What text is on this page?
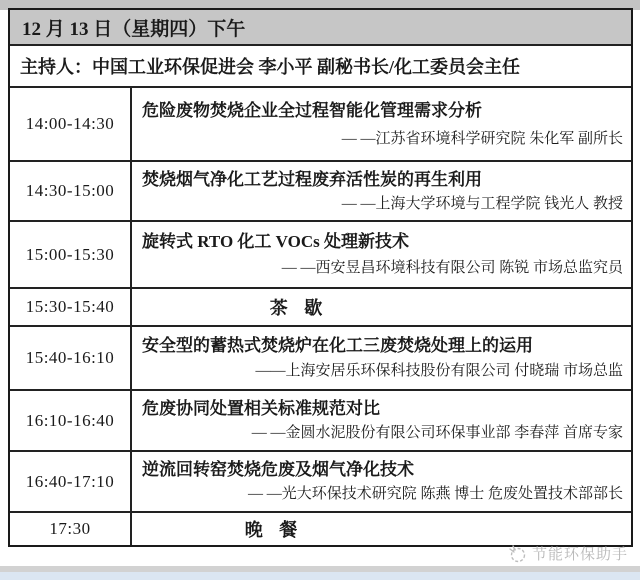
12 月 13 日（星期四）下午
主持人：中国工业环保促进会 李小平 副秘书长/化工委员会主任
14:00-14:30
危险废物焚烧企业全过程智能化管理需求分析
— —江苏省环境科学研究院 朱化军 副所长
14:30-15:00
焚烧烟气净化工艺过程废弃活性炭的再生利用
— —上海大学环境与工程学院 钱光人 教授
15:00-15:30
旋转式 RTO 化工 VOCs 处理新技术
— —西安昱昌环境科技有限公司 陈锐 市场总监究员
15:30-15:40	茶 歇
15:40-16:10
安全型的蓄热式焚烧炉在化工三废焚烧处理上的运用
——上海安居乐环保科技股份有限公司 付晓瑞 市场总监
16:10-16:40
危废协同处置相关标准规范对比
— —金圆水泥股份有限公司环保事业部 李春萍 首席专家
16:40-17:10
逆流回转窑焚烧危废及烟气净化技术
— —光大环保技术研究院 陈燕 博士 危废处置技术部部长
17:30	晚 餐
节能环保助手
